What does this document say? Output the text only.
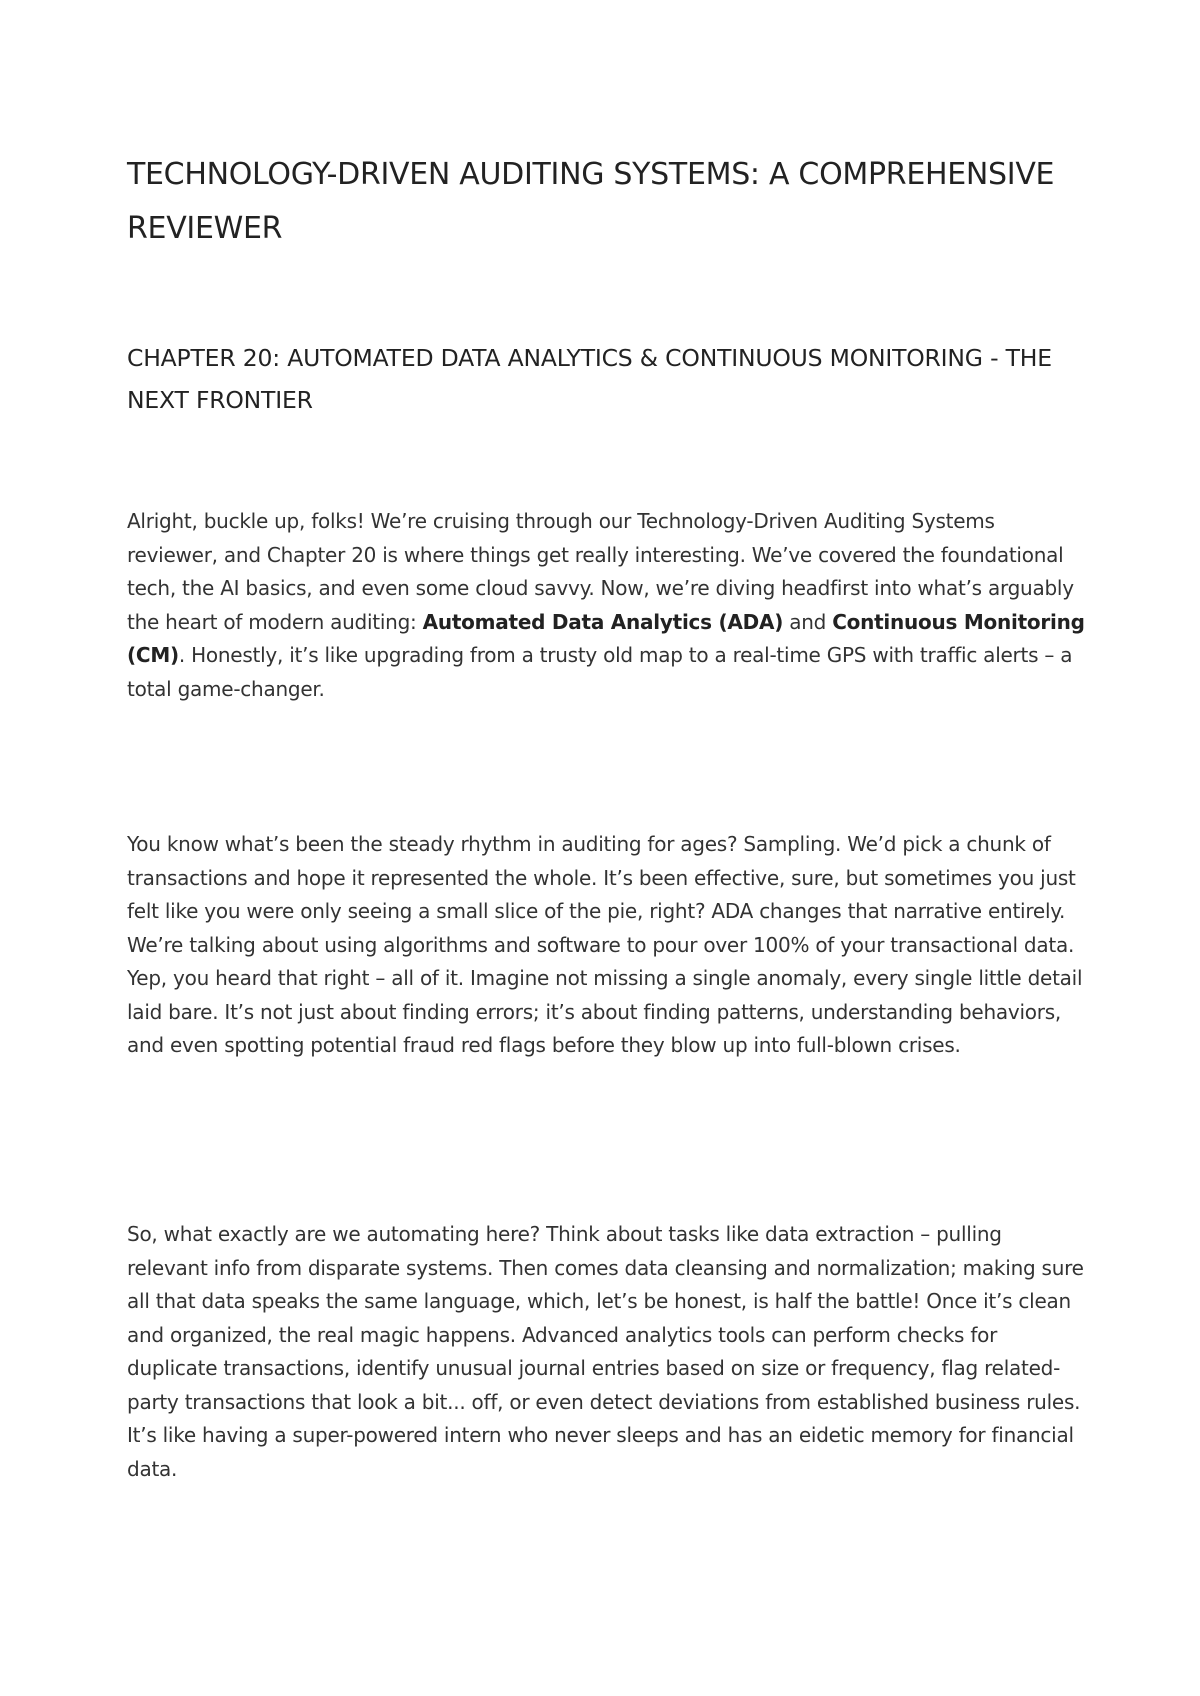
TECHNOLOGY-DRIVEN AUDITING SYSTEMS: A COMPREHENSIVE REVIEWER
CHAPTER 20: AUTOMATED DATA ANALYTICS & CONTINUOUS MONITORING - THE NEXT FRONTIER

Alright, buckle up, folks! We’re cruising through our Technology-Driven Auditing Systems reviewer, and Chapter 20 is where things get really interesting. We’ve covered the foundational tech, the AI basics, and even some cloud savvy. Now, we’re diving headfirst into what’s arguably the heart of modern auditing: Automated Data Analytics (ADA) and Continuous Monitoring (CM). Honestly, it’s like upgrading from a trusty old map to a real-time GPS with traffic alerts – a total game-changer.

You know what’s been the steady rhythm in auditing for ages? Sampling. We’d pick a chunk of transactions and hope it represented the whole. It’s been effective, sure, but sometimes you just felt like you were only seeing a small slice of the pie, right? ADA changes that narrative entirely. We’re talking about using algorithms and software to pour over 100% of your transactional data. Yep, you heard that right – all of it. Imagine not missing a single anomaly, every single little detail laid bare. It’s not just about finding errors; it’s about finding patterns, understanding behaviors, and even spotting potential fraud red flags before they blow up into full-blown crises.

So, what exactly are we automating here? Think about tasks like data extraction – pulling relevant info from disparate systems. Then comes data cleansing and normalization; making sure all that data speaks the same language, which, let’s be honest, is half the battle! Once it’s clean and organized, the real magic happens. Advanced analytics tools can perform checks for duplicate transactions, identify unusual journal entries based on size or frequency, flag related-party transactions that look a bit... off, or even detect deviations from established business rules. It’s like having a super-powered intern who never sleeps and has an eidetic memory for financial data.
